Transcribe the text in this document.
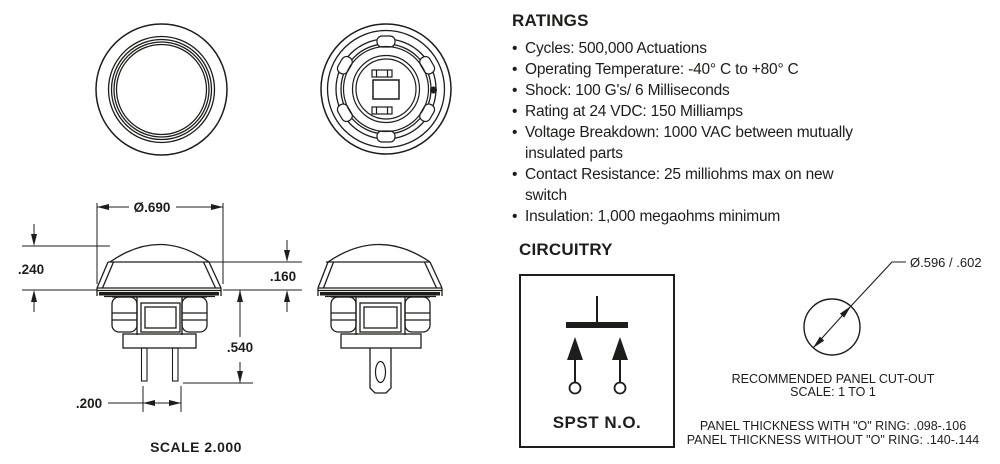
Ø.690
.240	.160
.540
.200
SCALE 2.000
RATINGS
• Cycles: 500,000 Actuations
• Operating Temperature: -40° C to +80° C
• Shock: 100 G's/ 6 Milliseconds
• Rating at 24 VDC: 150 Milliamps
• Voltage Breakdown: 1000 VAC between mutually insulated parts
• Contact Resistance: 25 milliohms max on new switch
• Insulation: 1,000 megaohms minimum
CIRCUITRY
SPST N.O.
Ø.596 / .602
RECOMMENDED PANEL CUT-OUT
SCALE: 1 TO 1
PANEL THICKNESS WITH "O" RING: .098-.106
PANEL THICKNESS WITHOUT "O" RING: .140-.144
